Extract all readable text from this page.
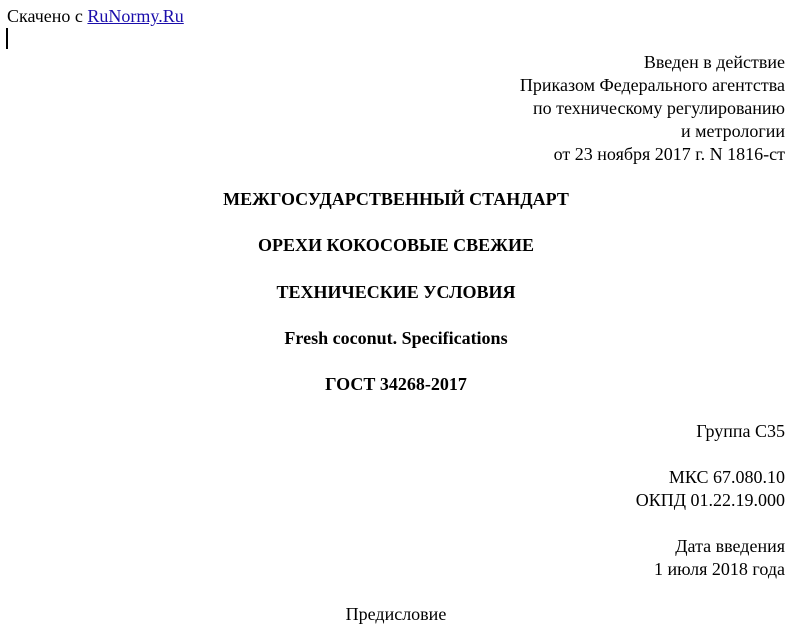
Скачено с RuNormy.Ru
Введен в действие
Приказом Федерального агентства
по техническому регулированию
и метрологии
от 23 ноября 2017 г. N 1816-ст
МЕЖГОСУДАРСТВЕННЫЙ СТАНДАРТ
ОРЕХИ КОКОСОВЫЕ СВЕЖИЕ
ТЕХНИЧЕСКИЕ УСЛОВИЯ
Fresh coconut. Specifications
ГОСТ 34268-2017
Группа С35
МКС 67.080.10
ОКПД 01.22.19.000
Дата введения
1 июля 2018 года
Предисловие
